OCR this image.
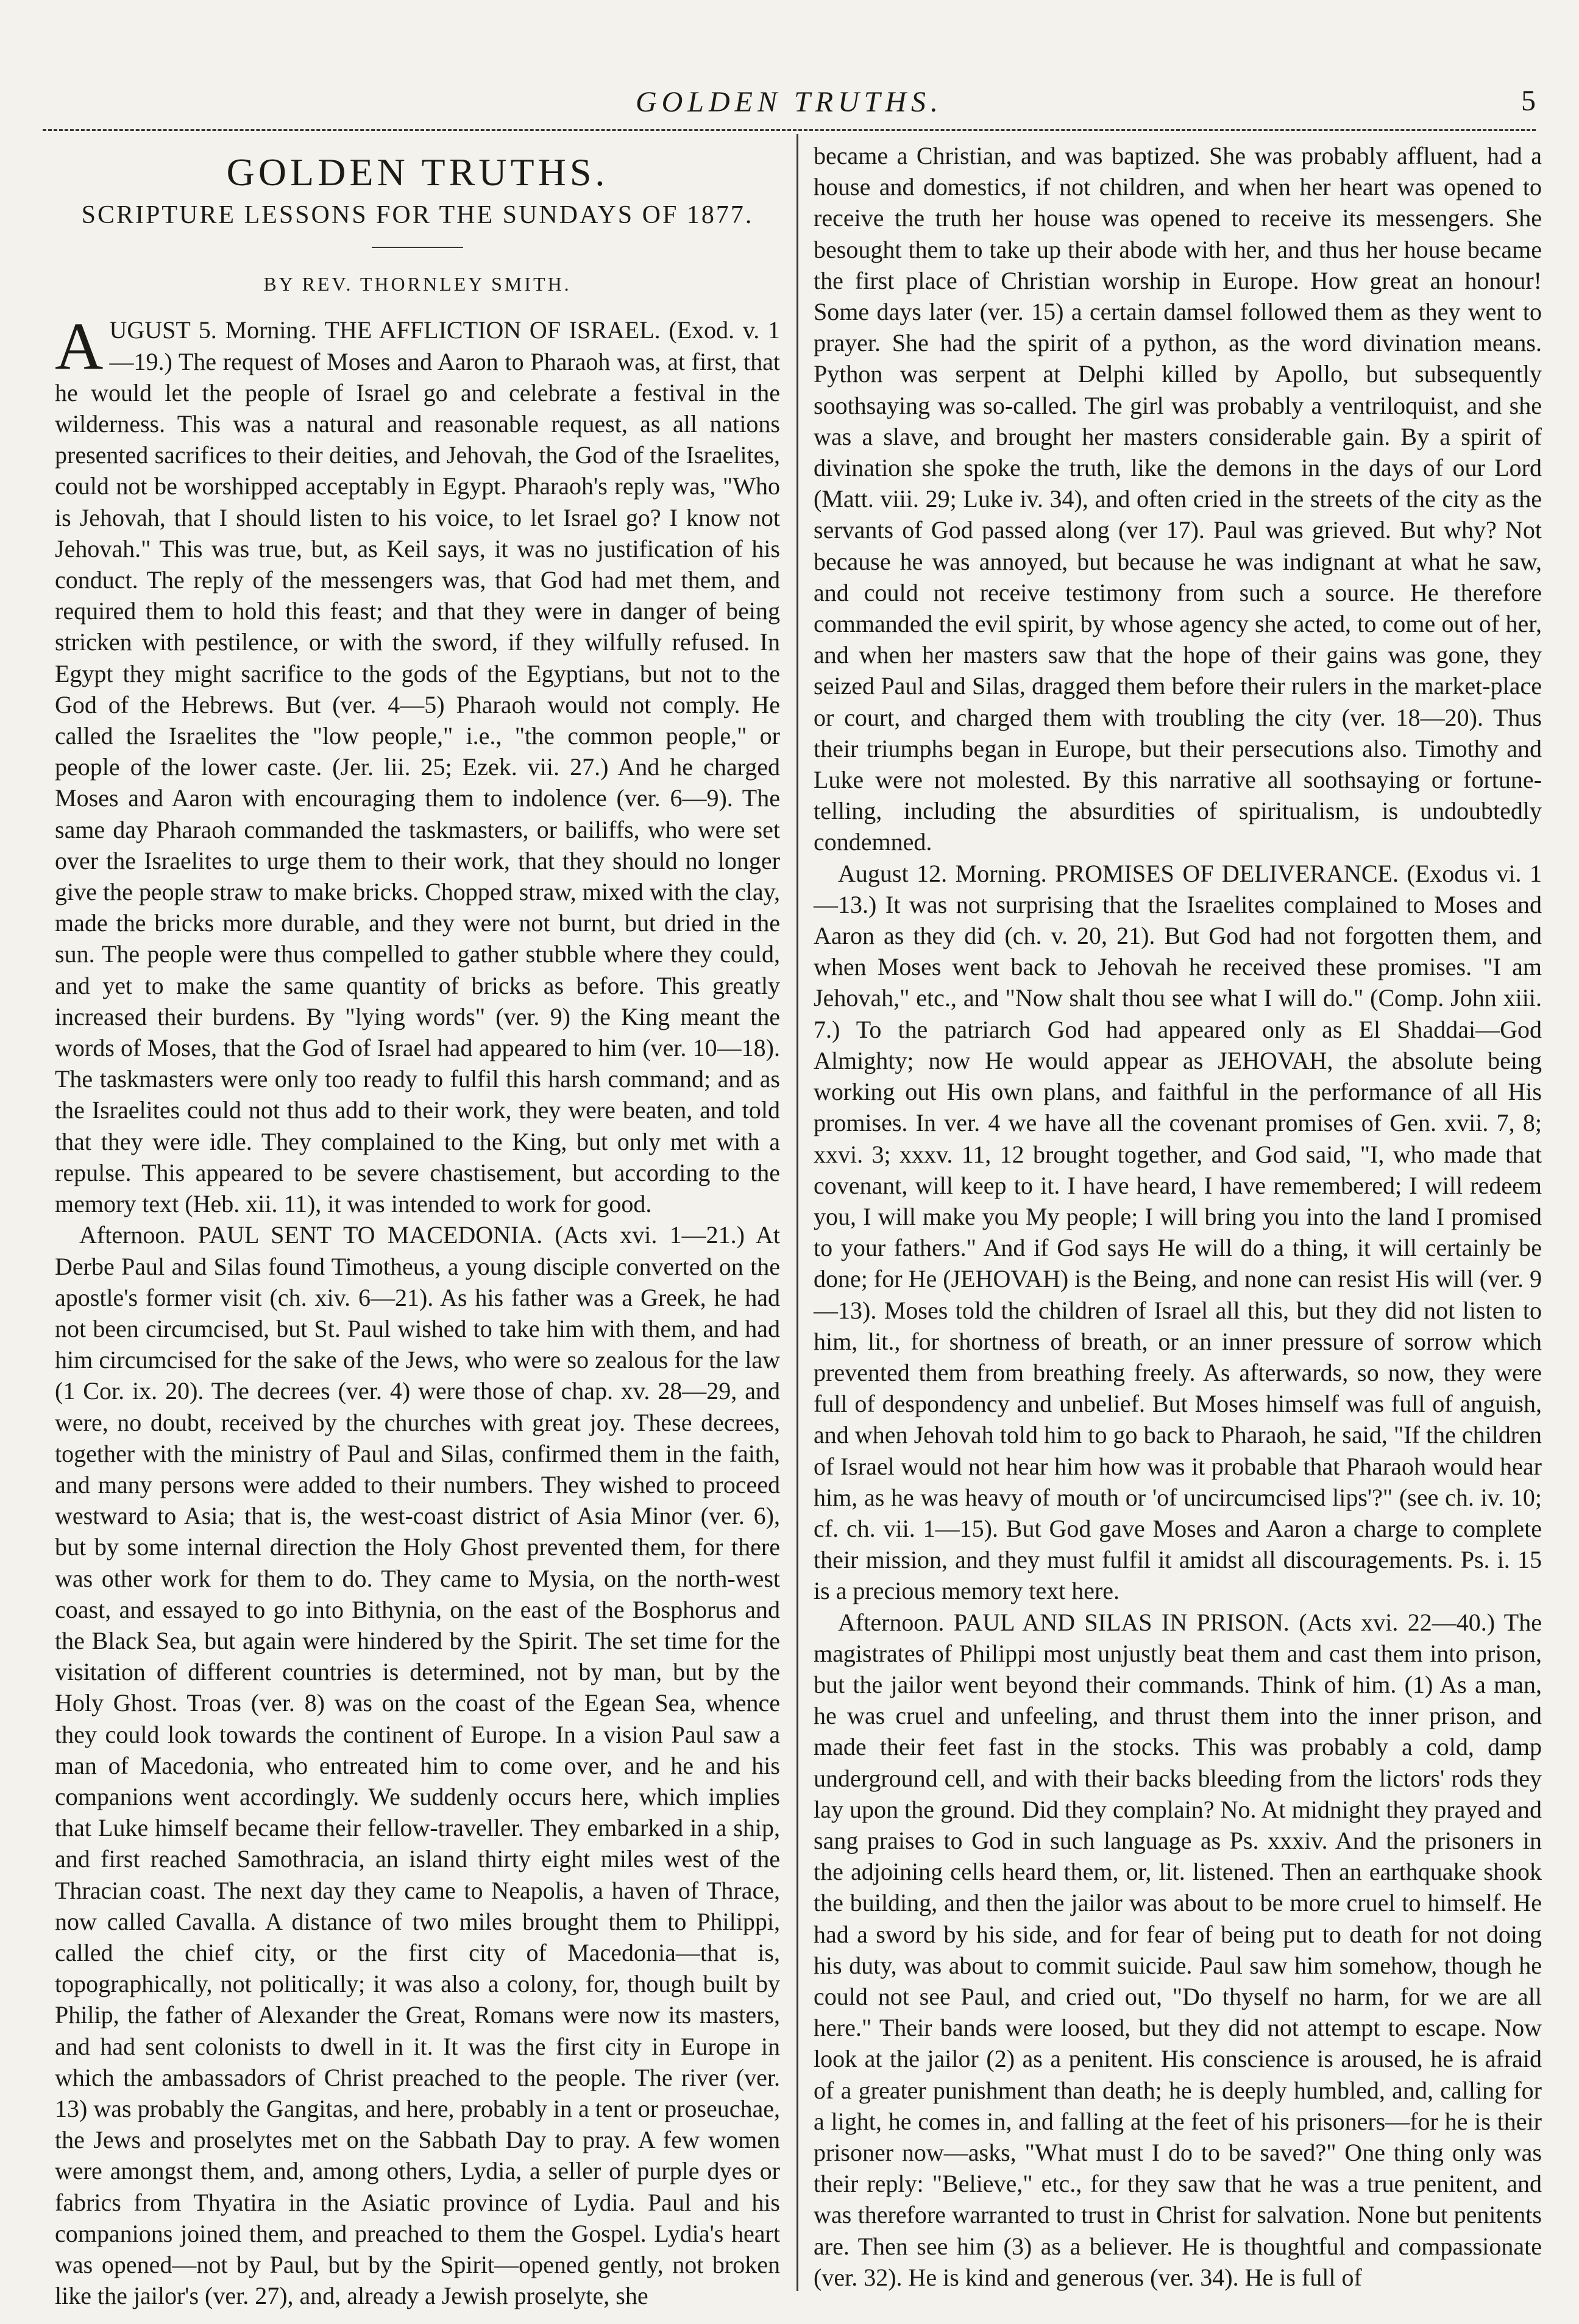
GOLDEN TRUTHS.	5
GOLDEN TRUTHS.
SCRIPTURE LESSONS FOR THE SUNDAYS OF 1877.
BY REV. THORNLEY SMITH.

AUGUST 5. Morning. THE AFFLICTION OF ISRAEL. (Exod. v. 1—19.) The request of Moses and Aaron to Pharaoh was, at first, that he would let the people of Israel go and celebrate a festival in the wilderness. This was a natural and reasonable request, as all nations presented sacrifices to their deities, and Jehovah, the God of the Israelites, could not be worshipped acceptably in Egypt. Pharaoh's reply was, "Who is Jehovah, that I should listen to his voice, to let Israel go? I know not Jehovah." This was true, but, as Keil says, it was no justification of his conduct. The reply of the messengers was, that God had met them, and required them to hold this feast; and that they were in danger of being stricken with pestilence, or with the sword, if they wilfully refused. In Egypt they might sacrifice to the gods of the Egyptians, but not to the God of the Hebrews. But (ver. 4—5) Pharaoh would not comply. He called the Israelites the "low people," i.e., "the common people," or people of the lower caste. (Jer. lii. 25; Ezek. vii. 27.) And he charged Moses and Aaron with encouraging them to indolence (ver. 6—9). The same day Pharaoh commanded the taskmasters, or bailiffs, who were set over the Israelites to urge them to their work, that they should no longer give the people straw to make bricks. Chopped straw, mixed with the clay, made the bricks more durable, and they were not burnt, but dried in the sun. The people were thus compelled to gather stubble where they could, and yet to make the same quantity of bricks as before. This greatly increased their burdens. By "lying words" (ver. 9) the King meant the words of Moses, that the God of Israel had appeared to him (ver. 10—18). The taskmasters were only too ready to fulfil this harsh command; and as the Israelites could not thus add to their work, they were beaten, and told that they were idle. They complained to the King, but only met with a repulse. This appeared to be severe chastisement, but according to the memory text (Heb. xii. 11), it was intended to work for good.

Afternoon. PAUL SENT TO MACEDONIA. (Acts xvi. 1—21.) At Derbe Paul and Silas found Timotheus, a young disciple converted on the apostle's former visit (ch. xiv. 6—21). As his father was a Greek, he had not been circumcised, but St. Paul wished to take him with them, and had him circumcised for the sake of the Jews, who were so zealous for the law (1 Cor. ix. 20). The decrees (ver. 4) were those of chap. xv. 28—29, and were, no doubt, received by the churches with great joy. These decrees, together with the ministry of Paul and Silas, confirmed them in the faith, and many persons were added to their numbers. They wished to proceed westward to Asia; that is, the west-coast district of Asia Minor (ver. 6), but by some internal direction the Holy Ghost prevented them, for there was other work for them to do. They came to Mysia, on the north-west coast, and essayed to go into Bithynia, on the east of the Bosphorus and the Black Sea, but again were hindered by the Spirit. The set time for the visitation of different countries is determined, not by man, but by the Holy Ghost. Troas (ver. 8) was on the coast of the Egean Sea, whence they could look towards the continent of Europe. In a vision Paul saw a man of Macedonia, who entreated him to come over, and he and his companions went accordingly. We suddenly occurs here, which implies that Luke himself became their fellow-traveller. They embarked in a ship, and first reached Samothracia, an island thirty eight miles west of the Thracian coast. The next day they came to Neapolis, a haven of Thrace, now called Cavalla. A distance of two miles brought them to Philippi, called the chief city, or the first city of Macedonia—that is, topographically, not politically; it was also a colony, for, though built by Philip, the father of Alexander the Great, Romans were now its masters, and had sent colonists to dwell in it. It was the first city in Europe in which the ambassadors of Christ preached to the people. The river (ver. 13) was probably the Gangitas, and here, probably in a tent or proseuchae, the Jews and proselytes met on the Sabbath Day to pray. A few women were amongst them, and, among others, Lydia, a seller of purple dyes or fabrics from Thyatira in the Asiatic province of Lydia. Paul and his companions joined them, and preached to them the Gospel. Lydia's heart was opened—not by Paul, but by the Spirit—opened gently, not broken like the jailor's (ver. 27), and, already a Jewish proselyte, she

became a Christian, and was baptized. She was probably affluent, had a house and domestics, if not children, and when her heart was opened to receive the truth her house was opened to receive its messengers. She besought them to take up their abode with her, and thus her house became the first place of Christian worship in Europe. How great an honour! Some days later (ver. 15) a certain damsel followed them as they went to prayer. She had the spirit of a python, as the word divination means. Python was serpent at Delphi killed by Apollo, but subsequently soothsaying was so-called. The girl was probably a ventriloquist, and she was a slave, and brought her masters considerable gain. By a spirit of divination she spoke the truth, like the demons in the days of our Lord (Matt. viii. 29; Luke iv. 34), and often cried in the streets of the city as the servants of God passed along (ver 17). Paul was grieved. But why? Not because he was annoyed, but because he was indignant at what he saw, and could not receive testimony from such a source. He therefore commanded the evil spirit, by whose agency she acted, to come out of her, and when her masters saw that the hope of their gains was gone, they seized Paul and Silas, dragged them before their rulers in the market-place or court, and charged them with troubling the city (ver. 18—20). Thus their triumphs began in Europe, but their persecutions also. Timothy and Luke were not molested. By this narrative all soothsaying or fortune-telling, including the absurdities of spiritualism, is undoubtedly condemned.

August 12. Morning. PROMISES OF DELIVERANCE. (Exodus vi. 1—13.) It was not surprising that the Israelites complained to Moses and Aaron as they did (ch. v. 20, 21). But God had not forgotten them, and when Moses went back to Jehovah he received these promises. "I am Jehovah," etc., and "Now shalt thou see what I will do." (Comp. John xiii. 7.) To the patriarch God had appeared only as El Shaddai—God Almighty; now He would appear as JEHOVAH, the absolute being working out His own plans, and faithful in the performance of all His promises. In ver. 4 we have all the covenant promises of Gen. xvii. 7, 8; xxvi. 3; xxxv. 11, 12 brought together, and God said, "I, who made that covenant, will keep to it. I have heard, I have remembered; I will redeem you, I will make you My people; I will bring you into the land I promised to your fathers." And if God says He will do a thing, it will certainly be done; for He (JEHOVAH) is the Being, and none can resist His will (ver. 9—13). Moses told the children of Israel all this, but they did not listen to him, lit., for shortness of breath, or an inner pressure of sorrow which prevented them from breathing freely. As afterwards, so now, they were full of despondency and unbelief. But Moses himself was full of anguish, and when Jehovah told him to go back to Pharaoh, he said, "If the children of Israel would not hear him how was it probable that Pharaoh would hear him, as he was heavy of mouth or 'of uncircumcised lips'?" (see ch. iv. 10; cf. ch. vii. 1—15). But God gave Moses and Aaron a charge to complete their mission, and they must fulfil it amidst all discouragements. Ps. i. 15 is a precious memory text here.

Afternoon. PAUL AND SILAS IN PRISON. (Acts xvi. 22—40.) The magistrates of Philippi most unjustly beat them and cast them into prison, but the jailor went beyond their commands. Think of him. (1) As a man, he was cruel and unfeeling, and thrust them into the inner prison, and made their feet fast in the stocks. This was probably a cold, damp underground cell, and with their backs bleeding from the lictors' rods they lay upon the ground. Did they complain? No. At midnight they prayed and sang praises to God in such language as Ps. xxxiv. And the prisoners in the adjoining cells heard them, or, lit. listened. Then an earthquake shook the building, and then the jailor was about to be more cruel to himself. He had a sword by his side, and for fear of being put to death for not doing his duty, was about to commit suicide. Paul saw him somehow, though he could not see Paul, and cried out, "Do thyself no harm, for we are all here." Their bands were loosed, but they did not attempt to escape. Now look at the jailor (2) as a penitent. His conscience is aroused, he is afraid of a greater punishment than death; he is deeply humbled, and, calling for a light, he comes in, and falling at the feet of his prisoners—for he is their prisoner now—asks, "What must I do to be saved?" One thing only was their reply: "Believe," etc., for they saw that he was a true penitent, and was therefore warranted to trust in Christ for salvation. None but penitents are. Then see him (3) as a believer. He is thoughtful and compassionate (ver. 32). He is kind and generous (ver. 34). He is full of
